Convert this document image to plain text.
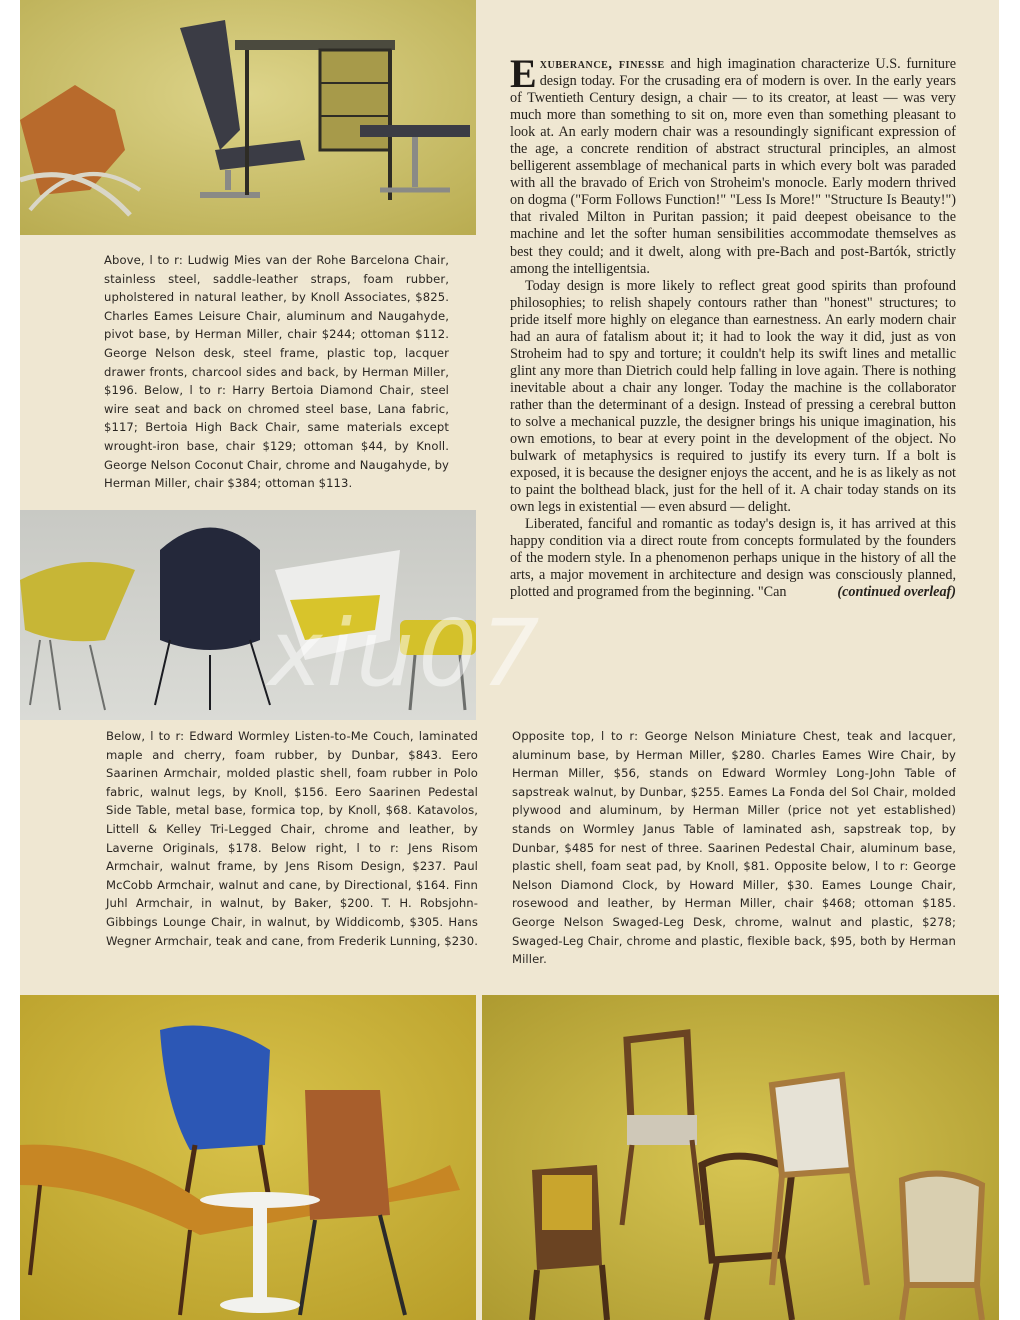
Above, l to r: Ludwig Mies van der Rohe Barcelona Chair, stainless steel, saddle-leather straps, foam rubber, upholstered in natural leather, by Knoll Associates, $825. Charles Eames Leisure Chair, aluminum and Naugahyde, pivot base, by Herman Miller, chair $244; ottoman $112. George Nelson desk, steel frame, plastic top, lacquer drawer fronts, charcool sides and back, by Herman Miller, $196. Below, l to r: Harry Bertoia Diamond Chair, steel wire seat and back on chromed steel base, Lana fabric, $117; Bertoia High Back Chair, same materials except wrought-iron base, chair $129; ottoman $44, by Knoll. George Nelson Coconut Chair, chrome and Naugahyde, by Herman Miller, chair $384; ottoman $113.
Below, l to r: Edward Wormley Listen-to-Me Couch, laminated maple and cherry, foam rubber, by Dunbar, $843. Eero Saarinen Armchair, molded plastic shell, foam rubber in Polo fabric, walnut legs, by Knoll, $156. Eero Saarinen Pedestal Side Table, metal base, formica top, by Knoll, $68. Katavolos, Littell & Kelley Tri-Legged Chair, chrome and leather, by Laverne Originals, $178. Below right, l to r: Jens Risom Armchair, walnut frame, by Jens Risom Design, $237. Paul McCobb Armchair, walnut and cane, by Directional, $164. Finn Juhl Armchair, in walnut, by Baker, $200. T. H. Robsjohn-Gibbings Lounge Chair, in walnut, by Widdicomb, $305. Hans Wegner Armchair, teak and cane, from Frederik Lunning, $230.
Opposite top, l to r: George Nelson Miniature Chest, teak and lacquer, aluminum base, by Herman Miller, $280. Charles Eames Wire Chair, by Herman Miller, $56, stands on Edward Wormley Long-John Table of sapstreak walnut, by Dunbar, $255. Eames La Fonda del Sol Chair, molded plywood and aluminum, by Herman Miller (price not yet established) stands on Wormley Janus Table of laminated ash, sapstreak top, by Dunbar, $485 for nest of three. Saarinen Pedestal Chair, aluminum base, plastic shell, foam seat pad, by Knoll, $81. Opposite below, l to r: George Nelson Diamond Clock, by Howard Miller, $30. Eames Lounge Chair, rosewood and leather, by Herman Miller, chair $468; ottoman $185. George Nelson Swaged-Leg Desk, chrome, walnut and plastic, $278; Swaged-Leg Chair, chrome and plastic, flexible back, $95, both by Herman Miller.

Exuberance, finesse and high imagination characterize U.S. furniture design today. For the crusading era of modern is over. In the early years of Twentieth Century design, a chair — to its creator, at least — was very much more than something to sit on, more even than something pleasant to look at. An early modern chair was a resoundingly significant expression of the age, a concrete rendition of abstract structural principles, an almost belligerent assemblage of mechanical parts in which every bolt was paraded with all the bravado of Erich von Stroheim's monocle. Early modern thrived on dogma ("Form Follows Function!" "Less Is More!" "Structure Is Beauty!") that rivaled Milton in Puritan passion; it paid deepest obeisance to the machine and let the softer human sensibilities accommodate themselves as best they could; and it dwelt, along with pre-Bach and post-Bartók, strictly among the intelligentsia.

Today design is more likely to reflect great good spirits than profound philosophies; to relish shapely contours rather than "honest" structures; to pride itself more highly on elegance than earnestness. An early modern chair had an aura of fatalism about it; it had to look the way it did, just as von Stroheim had to spy and torture; it couldn't help its swift lines and metallic glint any more than Dietrich could help falling in love again. There is nothing inevitable about a chair any longer. Today the machine is the collaborator rather than the determinant of a design. Instead of pressing a cerebral button to solve a mechanical puzzle, the designer brings his unique imagination, his own emotions, to bear at every point in the development of the object. No bulwark of metaphysics is required to justify its every turn. If a bolt is exposed, it is because the designer enjoys the accent, and he is as likely as not to paint the bolthead black, just for the hell of it. A chair today stands on its own legs in existential — even absurd — delight.

Liberated, fanciful and romantic as today's design is, it has arrived at this happy condition via a direct route from concepts formulated by the founders of the modern style. In a phenomenon perhaps unique in the history of all the arts, a major movement in architecture and design was consciously planned, plotted and programed from the beginning. "Can	(continued overleaf)

xiu07
